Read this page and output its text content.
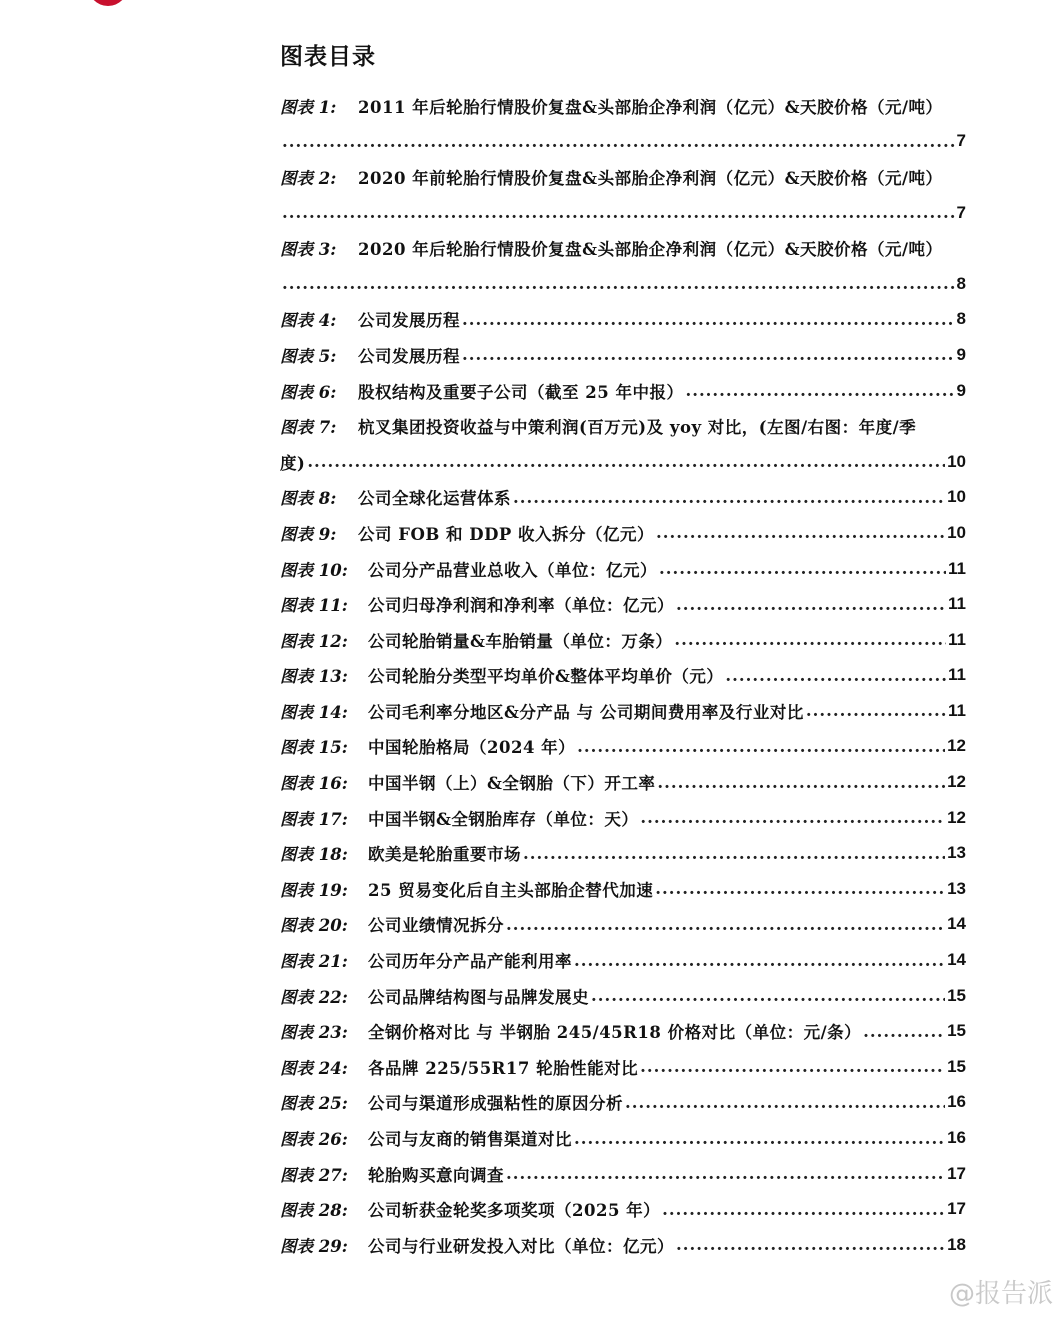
图表目录
图表 1:	2011 年后轮胎行情股价复盘&头部胎企净利润（亿元）&天胶价格（元/吨）
.....
7
图表 2:	2020 年前轮胎行情股价复盘&头部胎企净利润（亿元）&天胶价格（元/吨）
.....
7
图表 3:	2020 年后轮胎行情股价复盘&头部胎企净利润（亿元）&天胶价格（元/吨）
.....
8
图表 4:	公司发展历程 .....	8
图表 5:	公司发展历程 .....	9
图表 6:	股权结构及重要子公司（截至 25 年中报） .....	9
图表 7:	杭叉集团投资收益与中策利润(百万元)及 yoy 对比，(左图/右图：年度/季
度) .....	10
图表 8:	公司全球化运营体系 .....	10
图表 9:	公司 FOB 和 DDP 收入拆分（亿元） .....	10
图表 10:	公司分产品营业总收入（单位：亿元） .....	11
图表 11:	公司归母净利润和净利率（单位：亿元） .....	11
图表 12:	公司轮胎销量&车胎销量（单位：万条） .....	11
图表 13:	公司轮胎分类型平均单价&整体平均单价（元） .....	11
图表 14:	公司毛利率分地区&分产品 与 公司期间费用率及行业对比 .....	11
图表 15:	中国轮胎格局（2024 年） .....	12
图表 16:	中国半钢（上）&全钢胎（下）开工率 .....	12
图表 17:	中国半钢&全钢胎库存（单位：天） .....	12
图表 18:	欧美是轮胎重要市场 .....	13
图表 19:	25 贸易变化后自主头部胎企替代加速 .....	13
图表 20:	公司业绩情况拆分 .....	14
图表 21:	公司历年分产品产能利用率 .....	14
图表 22:	公司品牌结构图与品牌发展史 .....	15
图表 23:	全钢价格对比 与 半钢胎 245/45R18 价格对比（单位：元/条） .....	15
图表 24:	各品牌 225/55R17 轮胎性能对比 .....	15
图表 25:	公司与渠道形成强粘性的原因分析 .....	16
图表 26:	公司与友商的销售渠道对比 .....	16
图表 27:	轮胎购买意向调查 .....	17
图表 28:	公司斩获金轮奖多项奖项（2025 年） .....	17
图表 29:	公司与行业研发投入对比（单位：亿元） .....	18
@报告派
